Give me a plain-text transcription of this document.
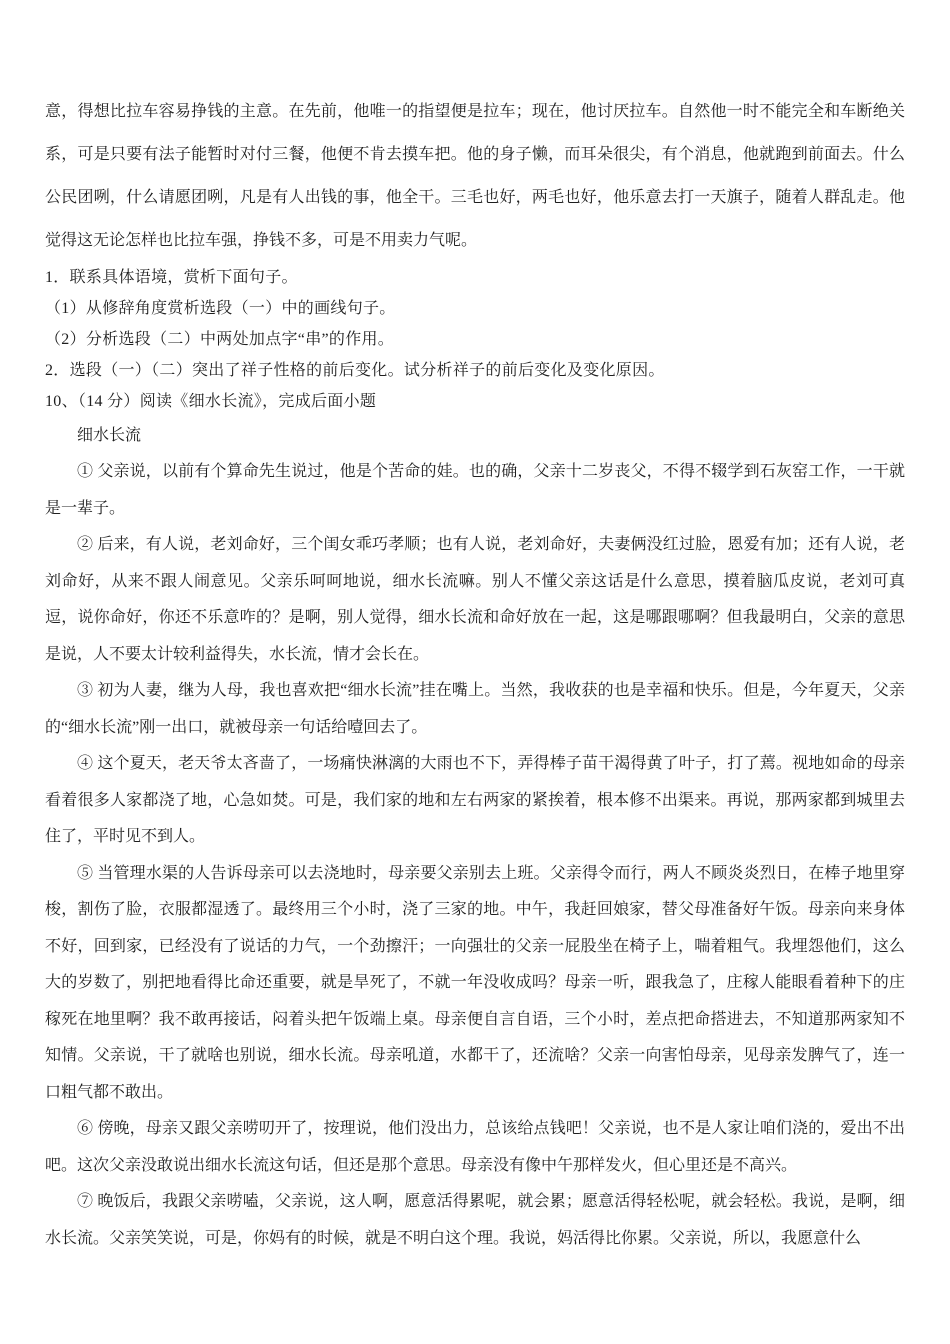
意，得想比拉车容易挣钱的主意。在先前，他唯一的指望便是拉车；现在，他讨厌拉车。自然他一时不能完全和车断绝关系，可是只要有法子能暂时对付三餐，他便不肯去摸车把。他的身子懒，而耳朵很尖，有个消息，他就跑到前面去。什么公民团咧，什么请愿团咧，凡是有人出钱的事，他全干。三毛也好，两毛也好，他乐意去打一天旗子，随着人群乱走。他觉得这无论怎样也比拉车强，挣钱不多，可是不用卖力气呢。

1．联系具体语境，赏析下面句子。
（1）从修辞角度赏析选段（一）中的画线句子。
（2）分析选段（二）中两处加点字“串”的作用。
2．选段（一）（二）突出了祥子性格的前后变化。试分析祥子的前后变化及变化原因。
10、（14 分）阅读《细水长流》，完成后面小题
细水长流

① 父亲说，以前有个算命先生说过，他是个苦命的娃。也的确，父亲十二岁丧父，不得不辍学到石灰窑工作，一干就是一辈子。

② 后来，有人说，老刘命好，三个闺女乖巧孝顺；也有人说，老刘命好，夫妻俩没红过脸，恩爱有加；还有人说，老刘命好，从来不跟人闹意见。父亲乐呵呵地说，细水长流嘛。别人不懂父亲这话是什么意思，摸着脑瓜皮说，老刘可真逗，说你命好，你还不乐意咋的？是啊，别人觉得，细水长流和命好放在一起，这是哪跟哪啊？但我最明白，父亲的意思是说，人不要太计较利益得失，水长流，情才会长在。

③ 初为人妻，继为人母，我也喜欢把“细水长流”挂在嘴上。当然，我收获的也是幸福和快乐。但是，今年夏天，父亲的“细水长流”刚一出口，就被母亲一句话给噎回去了。

④ 这个夏天，老天爷太吝啬了，一场痛快淋漓的大雨也不下，弄得棒子苗干渴得黄了叶子，打了蔫。视地如命的母亲看着很多人家都浇了地，心急如焚。可是，我们家的地和左右两家的紧挨着，根本修不出渠来。再说，那两家都到城里去住了，平时见不到人。

⑤ 当管理水渠的人告诉母亲可以去浇地时，母亲要父亲别去上班。父亲得令而行，两人不顾炎炎烈日，在棒子地里穿梭，割伤了脸，衣服都湿透了。最终用三个小时，浇了三家的地。中午，我赶回娘家，替父母准备好午饭。母亲向来身体不好，回到家，已经没有了说话的力气，一个劲擦汗；一向强壮的父亲一屁股坐在椅子上，喘着粗气。我埋怨他们，这么大的岁数了，别把地看得比命还重要，就是旱死了，不就一年没收成吗？母亲一听，跟我急了，庄稼人能眼看着种下的庄稼死在地里啊？我不敢再接话，闷着头把午饭端上桌。母亲便自言自语，三个小时，差点把命搭进去，不知道那两家知不知情。父亲说，干了就啥也别说，细水长流。母亲吼道，水都干了，还流啥？父亲一向害怕母亲，见母亲发脾气了，连一口粗气都不敢出。

⑥ 傍晚，母亲又跟父亲唠叨开了，按理说，他们没出力，总该给点钱吧！父亲说，也不是人家让咱们浇的，爱出不出吧。这次父亲没敢说出细水长流这句话，但还是那个意思。母亲没有像中午那样发火，但心里还是不高兴。

⑦ 晚饭后，我跟父亲唠嗑，父亲说，这人啊，愿意活得累呢，就会累；愿意活得轻松呢，就会轻松。我说，是啊，细水长流。父亲笑笑说，可是，你妈有的时候，就是不明白这个理。我说，妈活得比你累。父亲说，所以，我愿意什么
